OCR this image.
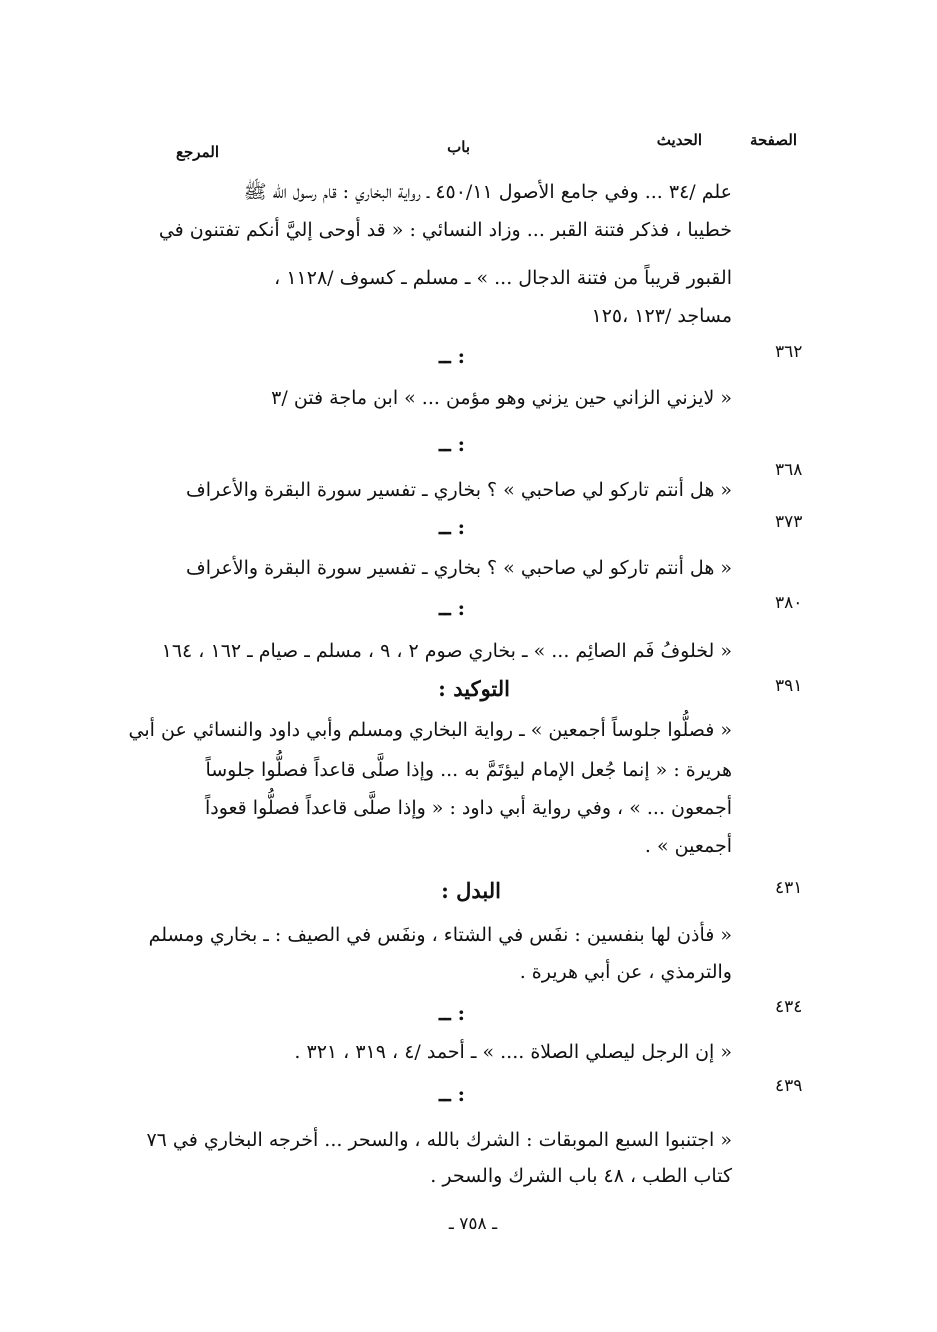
الصفحة
الحديث
باب
المرجع
علم /٣٤ ... وفي جامع الأصول ٤٥٠/١١ ـ رواية البخاري : قام رسول الله ﷺ
خطيبا ، فذكر فتنة القبر ... وزاد النسائي : « قد أوحى إليَّ أنكم تفتنون في
القبور قريباً من فتنة الدجال ... » ـ مسلم ـ كسوف /١١٢٨ ،
مساجد /١٢٣ ،١٢٥
٣٦٢
ــ :
« لايزني الزاني حين يزني وهو مؤمن ... » ابن ماجة فتن /٣
٣٦٨
ــ :
« هل أنتم تاركو لي صاحبي » ؟ بخاري ـ تفسير سورة البقرة والأعراف
٣٧٣
ــ :
« هل أنتم تاركو لي صاحبي » ؟ بخاري ـ تفسير سورة البقرة والأعراف
٣٨٠
ــ :
« لخلوفُ فَم الصائِم ... » ـ بخاري صوم ٢ ، ٩ ، مسلم ـ صيام ـ ١٦٢ ، ١٦٤
٣٩١
التوكيد :
« فصلُّوا جلوساً أجمعين » ـ رواية البخاري ومسلم وأبي داود والنسائي عن أبي
هريرة : « إنما جُعل الإمام ليؤتَمَّ به ... وإذا صلَّى قاعداً فصلُّوا جلوساً
أجمعون ... » ، وفي رواية أبي داود : « وإذا صلَّى قاعداً فصلُّوا قعوداً
أجمعين » .
٤٣١
البدل :
« فأذن لها بنفسين : نفَس في الشتاء ، ونفَس في الصيف : ـ بخاري ومسلم
والترمذي ، عن أبي هريرة .
٤٣٤
ــ :
« إن الرجل ليصلي الصلاة .... » ـ أحمد /٤ ، ٣١٩ ، ٣٢١ .
٤٣٩
ــ :
« اجتنبوا السبع الموبقات : الشرك بالله ، والسحر ... أخرجه البخاري في ٧٦
كتاب الطب ، ٤٨ باب الشرك والسحر .
ـ ٧٥٨ ـ
